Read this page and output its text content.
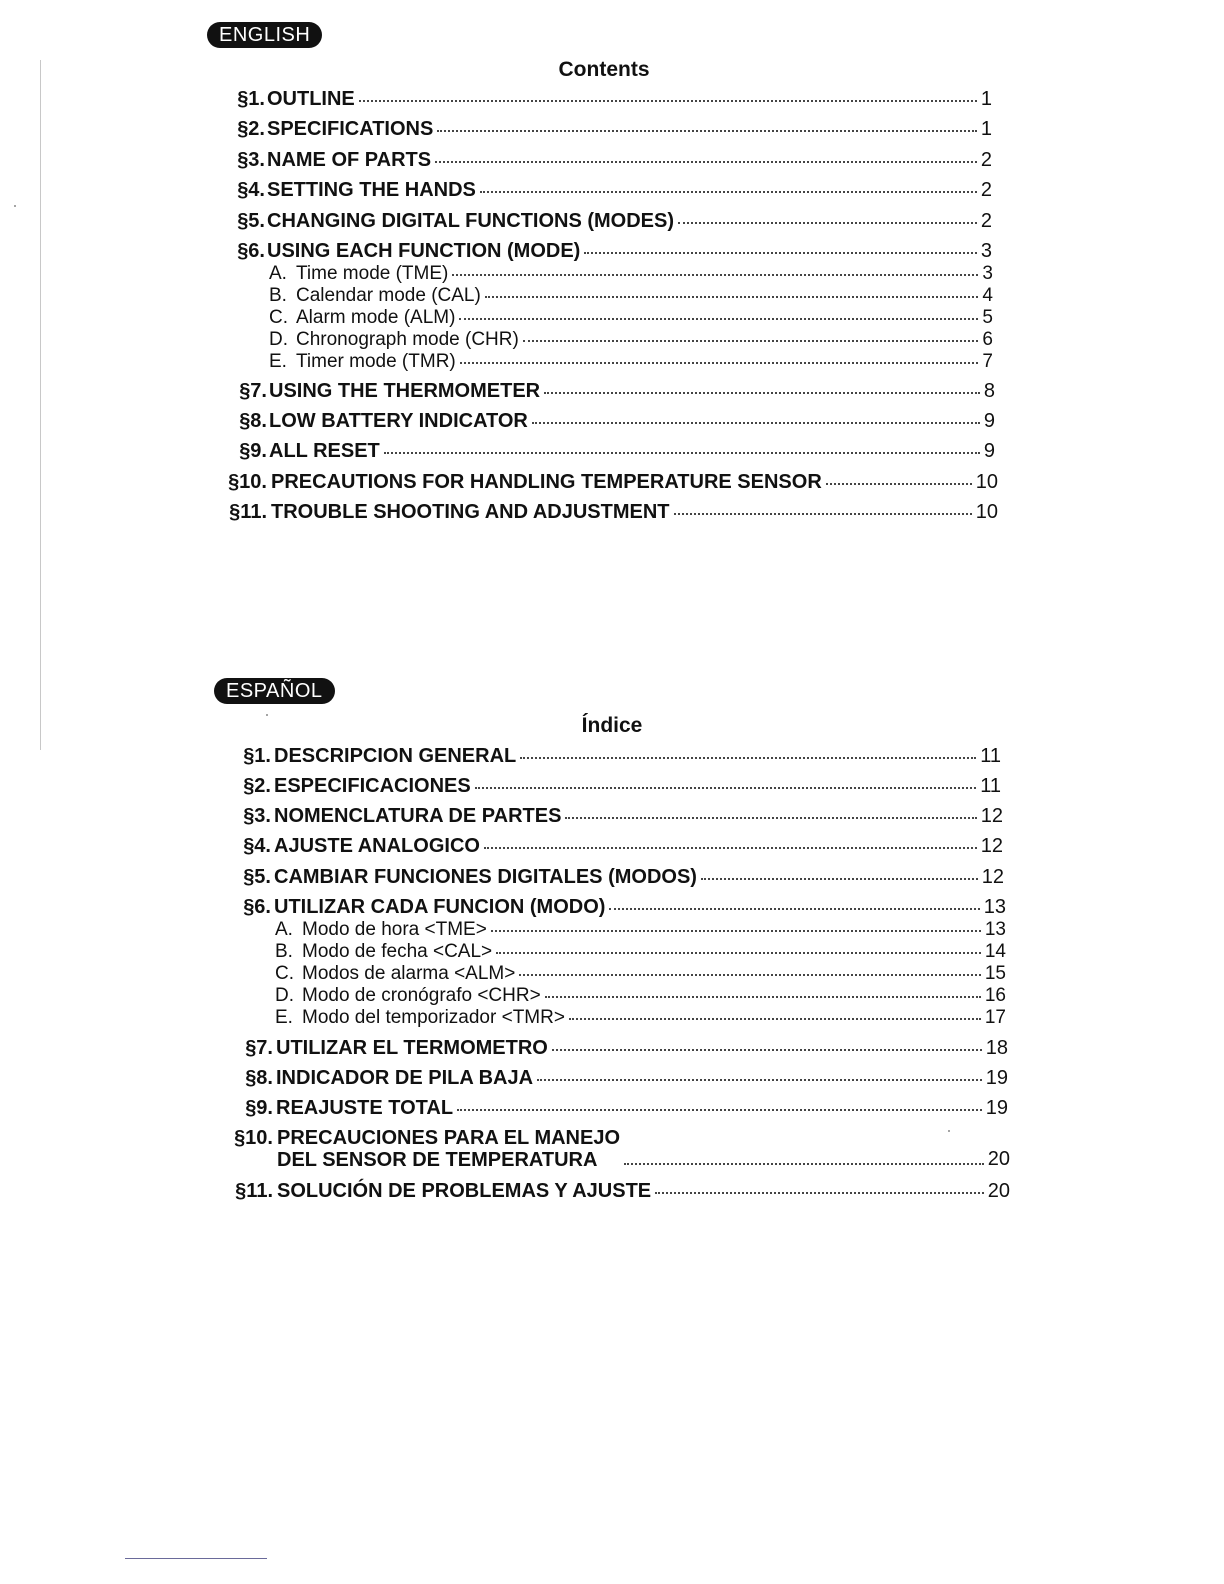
ENGLISH
Contents
§1. OUTLINE	1
§2. SPECIFICATIONS	1
§3. NAME OF PARTS	2
§4. SETTING THE HANDS	2
§5. CHANGING DIGITAL FUNCTIONS (MODES)	2
§6. USING EACH FUNCTION (MODE)	3
A. Time mode (TME)	3
B. Calendar mode (CAL)	4
C. Alarm mode (ALM)	5
D. Chronograph mode (CHR)	6
E. Timer mode (TMR)	7
§7. USING THE THERMOMETER	8
§8. LOW BATTERY INDICATOR	9
§9. ALL RESET	9
§10. PRECAUTIONS FOR HANDLING TEMPERATURE SENSOR	10
§11. TROUBLE SHOOTING AND ADJUSTMENT	10
ESPAÑOL
Índice
§1. DESCRIPCION GENERAL	11
§2. ESPECIFICACIONES	11
§3. NOMENCLATURA DE PARTES	12
§4. AJUSTE ANALOGICO	12
§5. CAMBIAR FUNCIONES DIGITALES (MODOS)	12
§6. UTILIZAR CADA FUNCION (MODO)	13
A. Modo de hora <TME>	13
B. Modo de fecha <CAL>	14
C. Modos de alarma <ALM>	15
D. Modo de cronógrafo <CHR>	16
E. Modo del temporizador <TMR>	17
§7. UTILIZAR EL TERMOMETRO	18
§8. INDICADOR DE PILA BAJA	19
§9. REAJUSTE TOTAL	19
§10. PRECAUCIONES PARA EL MANEJO
DEL SENSOR DE TEMPERATURA	20
§11. SOLUCIÓN DE PROBLEMAS Y AJUSTE	20
